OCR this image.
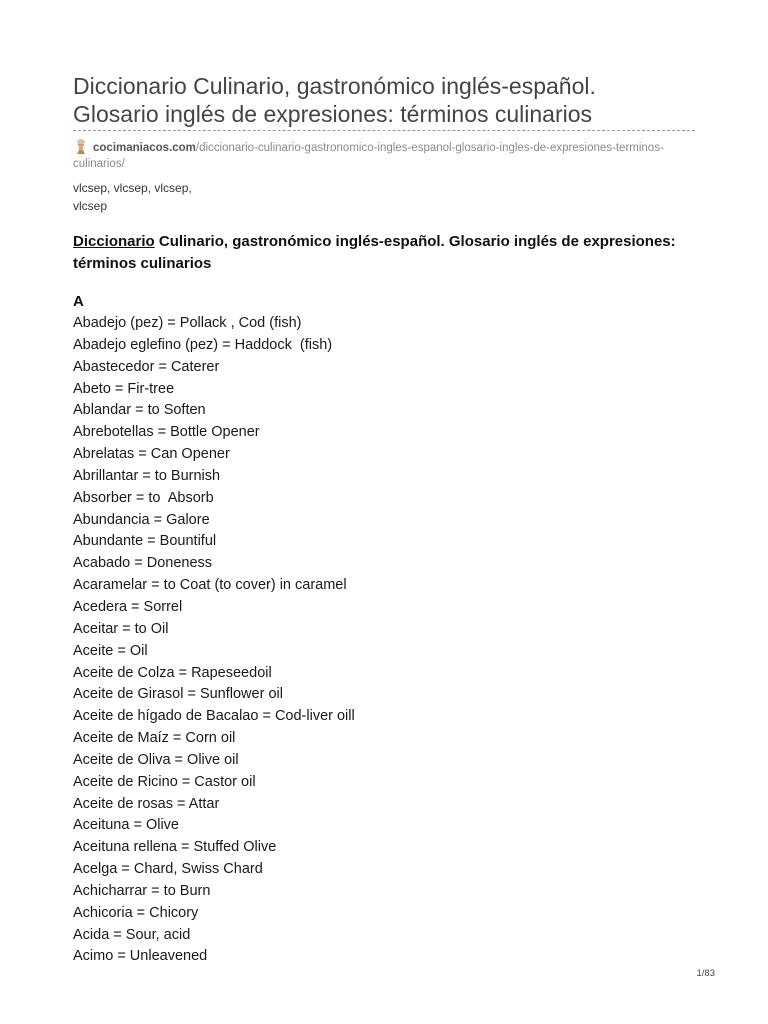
Diccionario Culinario, gastronómico inglés-español.
Glosario inglés de expresiones: términos culinarios
cocimaniacos.com/diccionario-culinario-gastronomico-ingles-espanol-glosario-ingles-de-expresiones-terminos-culinarios/
vlcsep, vlcsep, vlcsep,
vlcsep
Diccionario Culinario, gastronómico inglés-español. Glosario inglés de expresiones: términos culinarios
A
Abadejo (pez) = Pollack , Cod (fish)
Abadejo eglefino (pez) = Haddock  (fish)
Abastecedor = Caterer
Abeto = Fir-tree
Ablandar = to Soften
Abrebotellas = Bottle Opener
Abrelatas = Can Opener
Abrillantar = to Burnish
Absorber = to  Absorb
Abundancia = Galore
Abundante = Bountiful
Acabado = Doneness
Acaramelar = to Coat (to cover) in caramel
Acedera = Sorrel
Aceitar = to Oil
Aceite = Oil
Aceite de Colza = Rapeseedoil
Aceite de Girasol = Sunflower oil
Aceite de hígado de Bacalao = Cod-liver oill
Aceite de Maíz = Corn oil
Aceite de Oliva = Olive oil
Aceite de Ricino = Castor oil
Aceite de rosas = Attar
Aceituna = Olive
Aceituna rellena = Stuffed Olive
Acelga = Chard, Swiss Chard
Achicharrar = to Burn
Achicoria = Chicory
Acida = Sour, acid
Acimo = Unleavened
1/83
